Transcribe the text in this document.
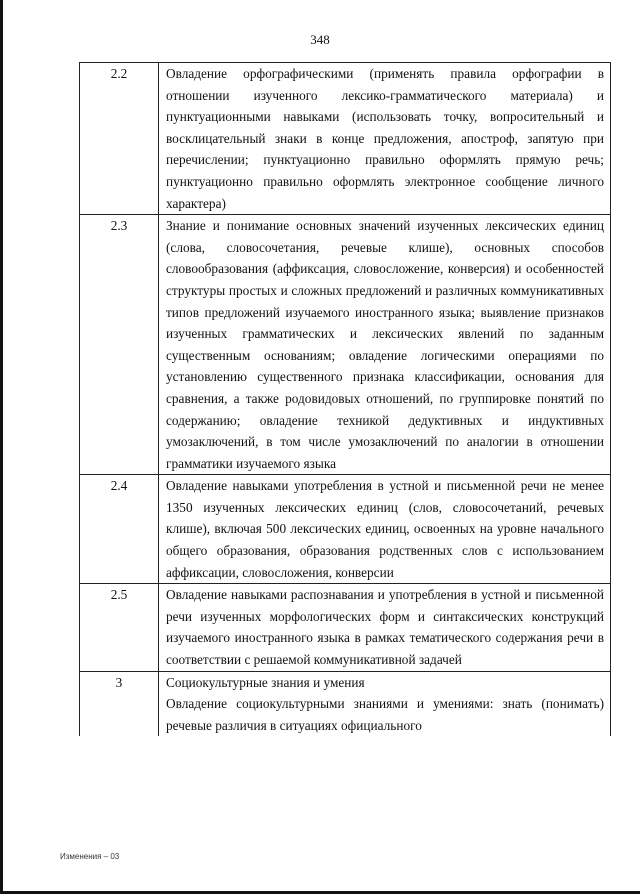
348
2.2	Овладение орфографическими (применять правила орфографии в отношении изученного лексико-грамматического материала) и пунктуационными навыками (использовать точку, вопросительный и восклицательный знаки в конце предложения, апостроф, запятую при перечислении; пунктуационно правильно оформлять прямую речь; пунктуационно правильно оформлять электронное сообщение личного характера)
2.3	Знание и понимание основных значений изученных лексических единиц (слова, словосочетания, речевые клише), основных способов словообразования (аффиксация, словосложение, конверсия) и особенностей структуры простых и сложных предложений и различных коммуникативных типов предложений изучаемого иностранного языка; выявление признаков изученных грамматических и лексических явлений по заданным существенным основаниям; овладение логическими операциями по установлению существенного признака классификации, основания для сравнения, а также родовидовых отношений, по группировке понятий по содержанию; овладение техникой дедуктивных и индуктивных умозаключений, в том числе умозаключений по аналогии в отношении грамматики изучаемого языка
2.4	Овладение навыками употребления в устной и письменной речи не менее 1350 изученных лексических единиц (слов, словосочетаний, речевых клише), включая 500 лексических единиц, освоенных на уровне начального общего образования, образования родственных слов с использованием аффиксации, словосложения, конверсии
2.5	Овладение навыками распознавания и употребления в устной и письменной речи изученных морфологических форм и синтаксических конструкций изучаемого иностранного языка в рамках тематического содержания речи в соответствии с решаемой коммуникативной задачей
3	Социокультурные знания и умения
Овладение социокультурными знаниями и умениями: знать (понимать) речевые различия в ситуациях официального
Изменения – 03
